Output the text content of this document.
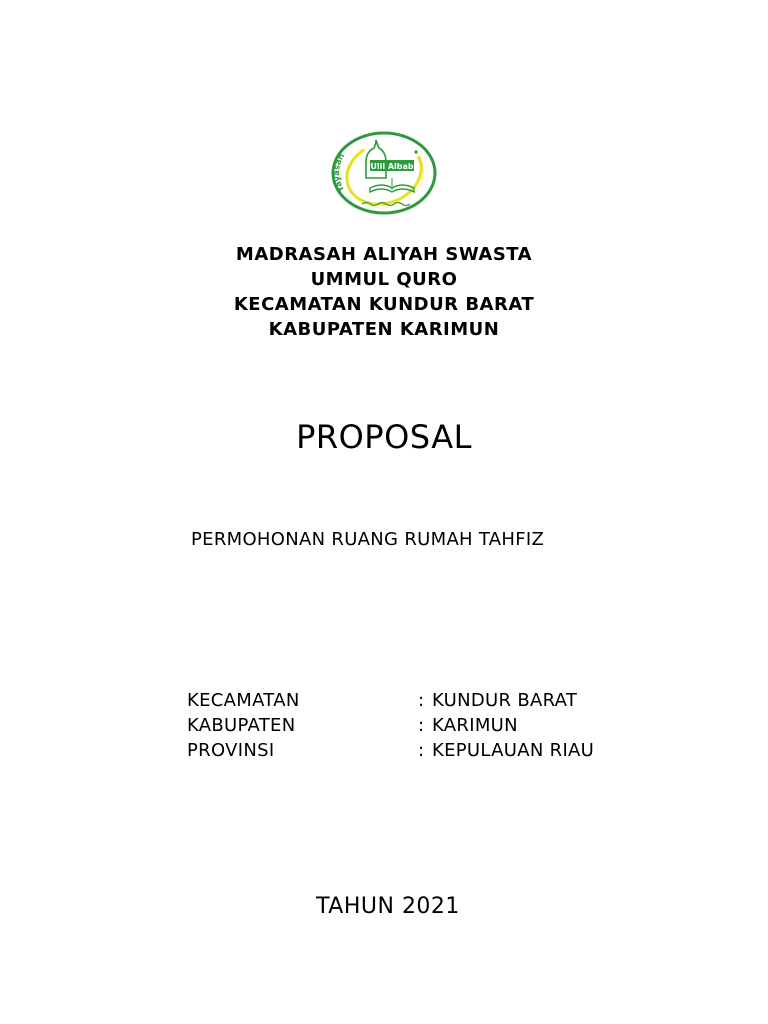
Ulil Albab
Yayasan
MADRASAH ALIYAH SWASTA
UMMUL QURO
KECAMATAN KUNDUR BARAT
KABUPATEN KARIMUN
PROPOSAL
PERMOHONAN RUANG RUMAH TAHFIZ
KECAMATAN	: KUNDUR BARAT
KABUPATEN	: KARIMUN
PROVINSI	: KEPULAUAN RIAU
TAHUN 2021
